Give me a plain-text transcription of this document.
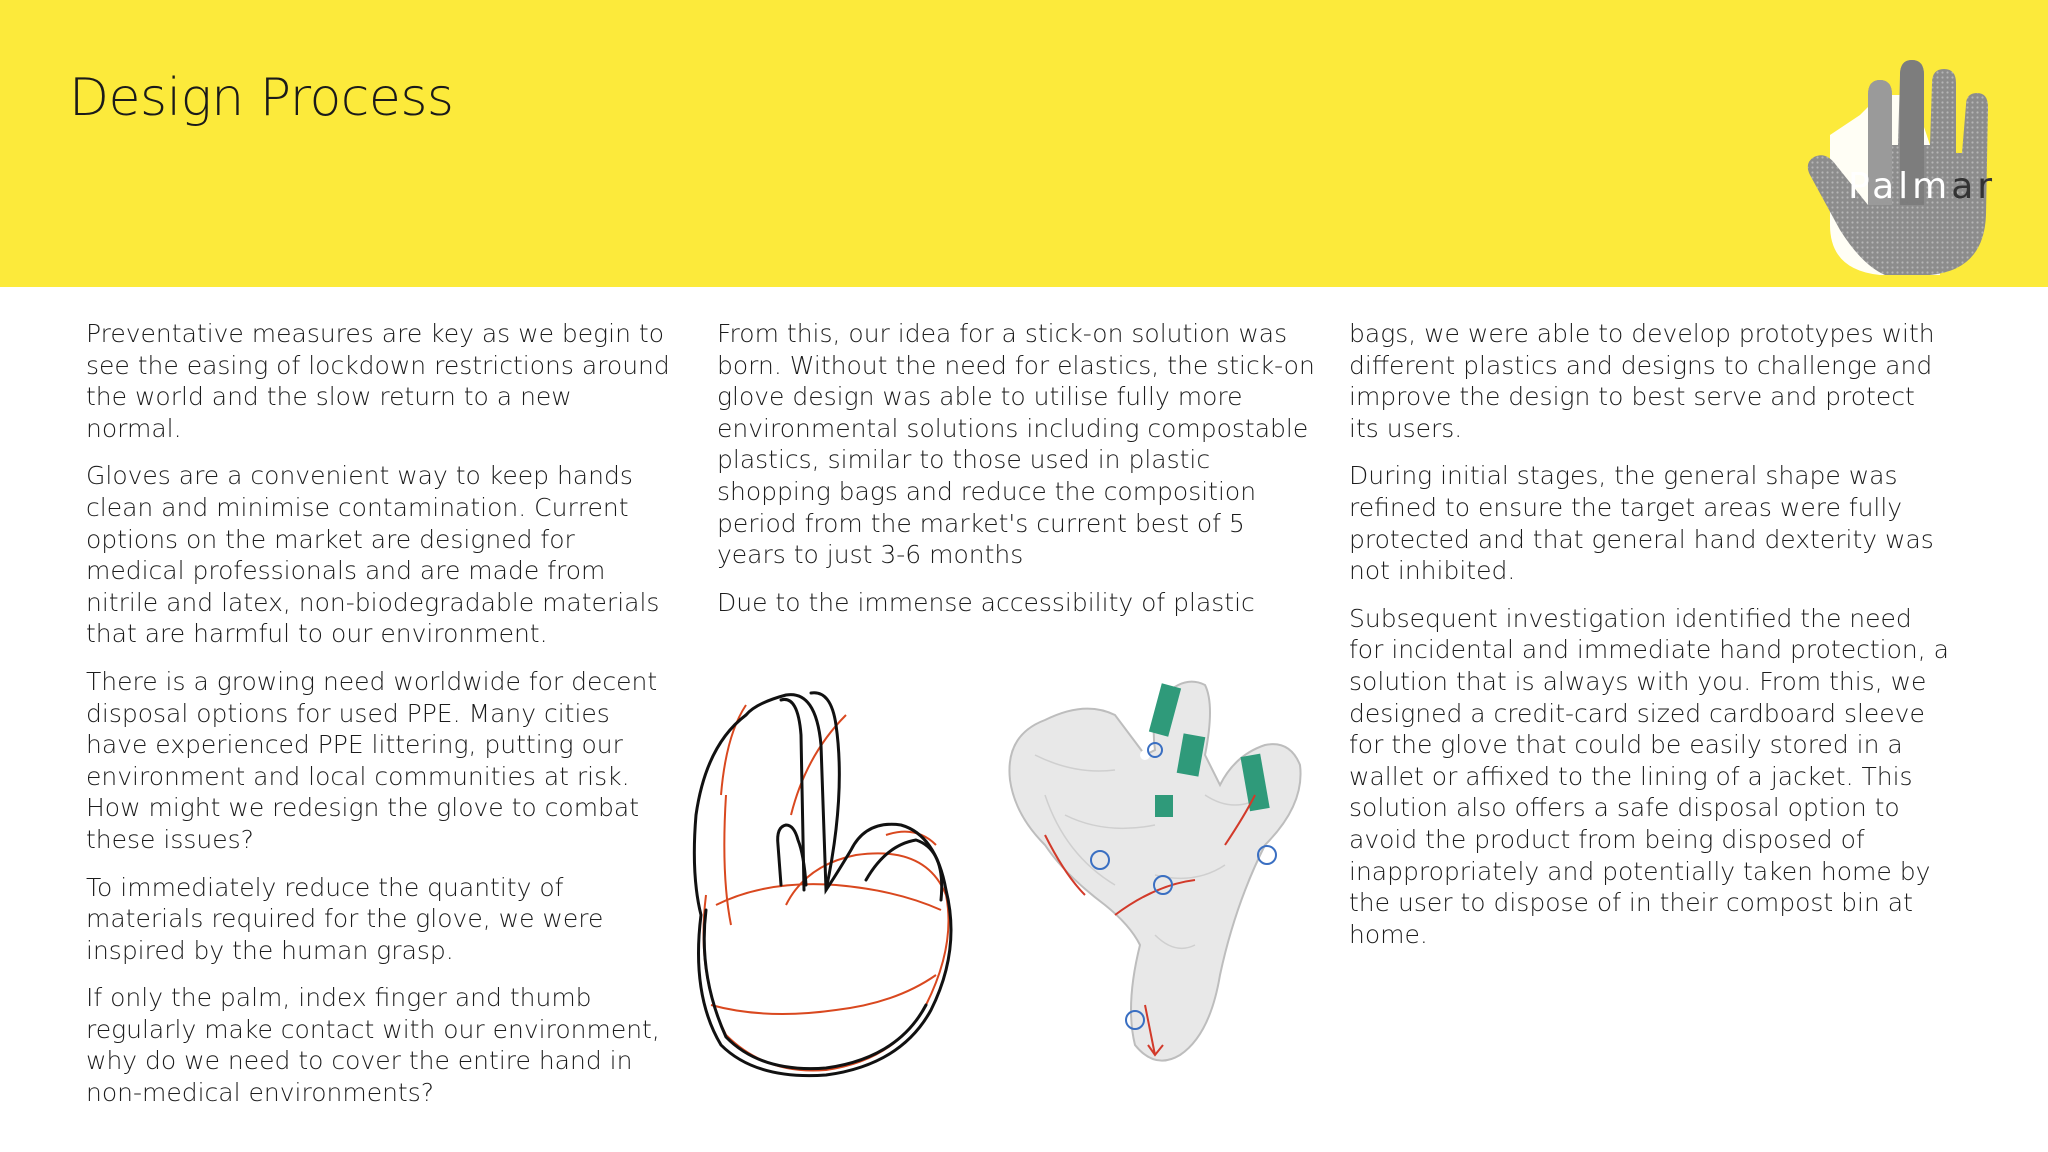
Design Process
Palmar

Preventative measures are key as we begin to see the easing of lockdown restrictions around the world and the slow return to a new normal.

Gloves are a convenient way to keep hands clean and minimise contamination. Current options on the market are designed for medical professionals and are made from nitrile and latex, non-biodegradable materials that are harmful to our environment.

There is a growing need worldwide for decent disposal options for used PPE. Many cities have experienced PPE littering, putting our environment and local communities at risk. How might we redesign the glove to combat these issues?

To immediately reduce the quantity of materials required for the glove, we were inspired by the human grasp.

If only the palm, index finger and thumb regularly make contact with our environment, why do we need to cover the entire hand in non-medical environments?

From this, our idea for a stick-on solution was born. Without the need for elastics, the stick-on glove design was able to utilise fully more environmental solutions including compostable plastics, similar to those used in plastic shopping bags and reduce the composition period from the market's current best of 5 years to just 3-6 months

Due to the immense accessibility of plastic

bags, we were able to develop prototypes with different plastics and designs to challenge and improve the design to best serve and protect its users.

During initial stages, the general shape was refined to ensure the target areas were fully protected and that general hand dexterity was not inhibited.

Subsequent investigation identified the need for incidental and immediate hand protection, a solution that is always with you. From this, we designed a credit-card sized cardboard sleeve for the glove that could be easily stored in a wallet or affixed to the lining of a jacket. This solution also offers a safe disposal option to avoid the product from being disposed of inappropriately and potentially taken home by the user to dispose of in their compost bin at home.
